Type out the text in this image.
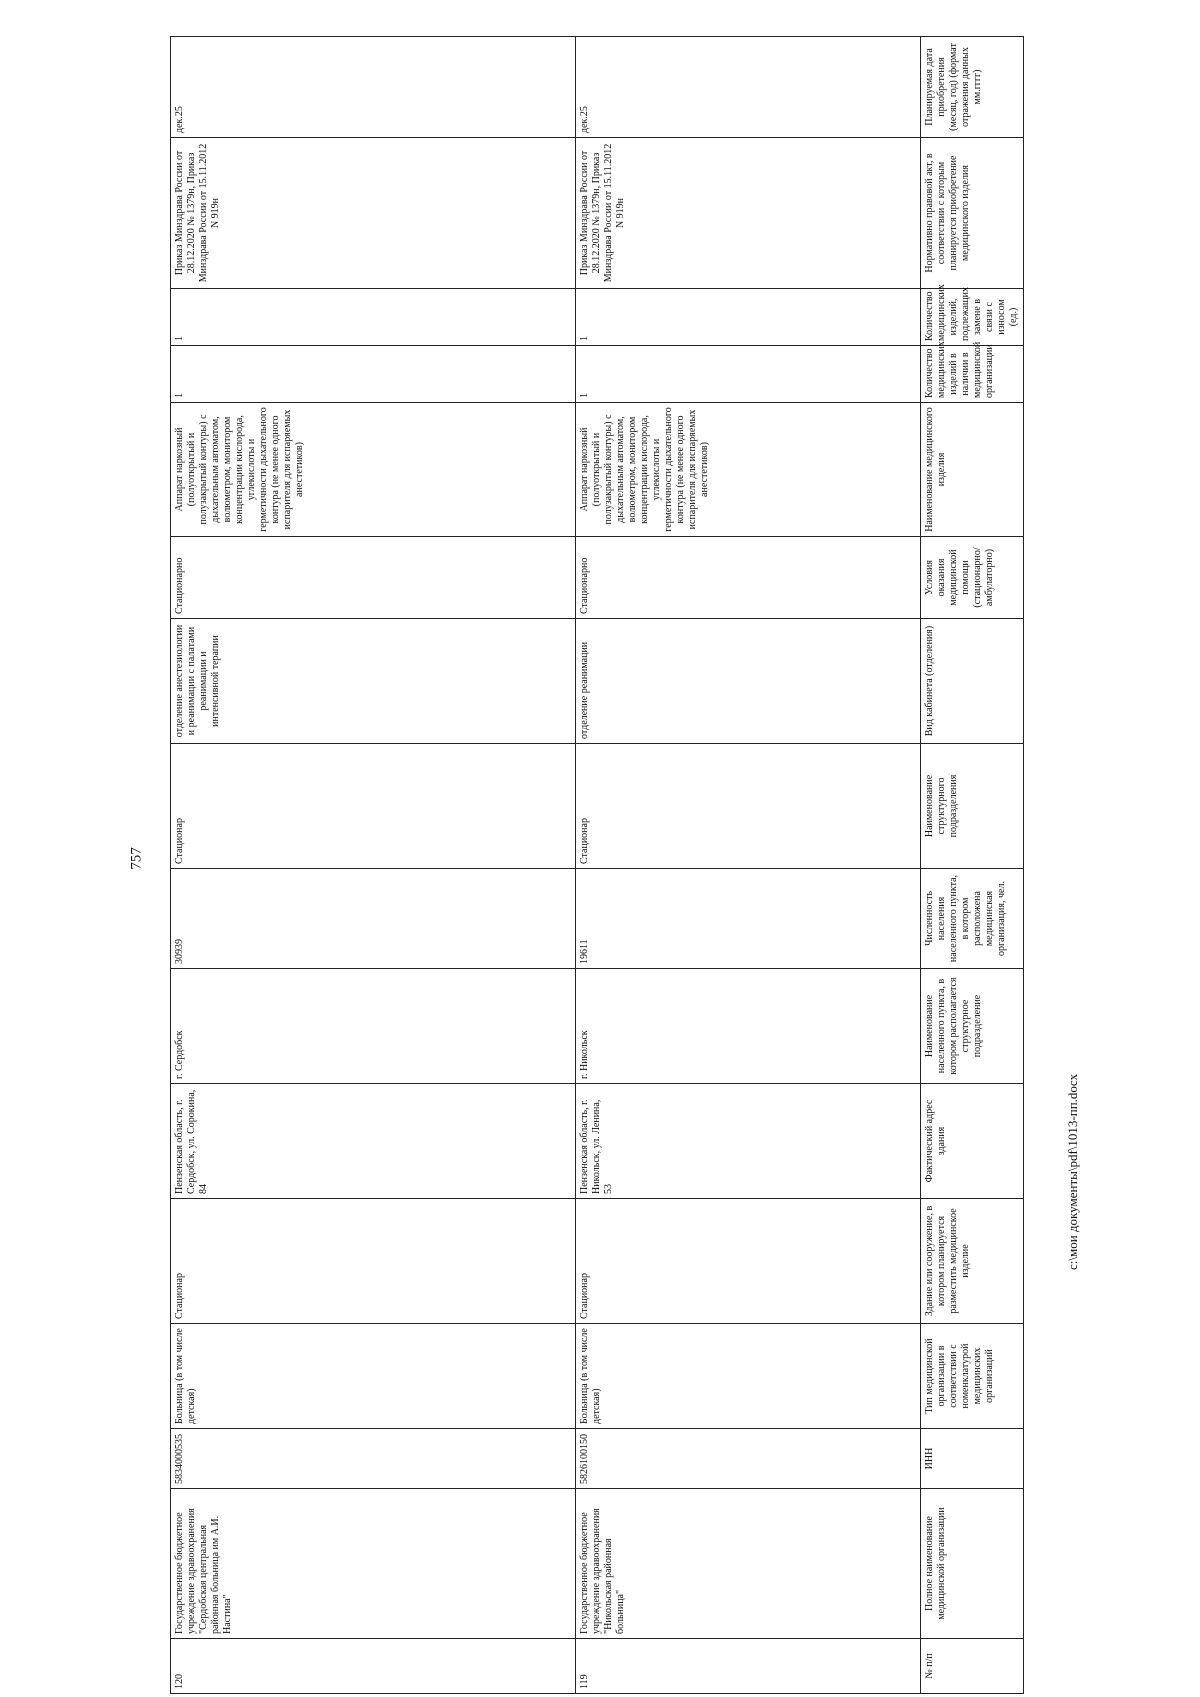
757
120	Государственное бюджетное учреждение здравоохранения "Сердобская центральная районная больница им А.И. Настина"	5834000535	Больница (в том числе детская)	Стационар	Пензенская область, г. Сердобск, ул. Сорокина, 84	г. Сердобск	30939	Стационар	отделение анестезиологии и реанимации с палатами реанимации и интенсивной терапии	Стационарно	Аппарат наркозный (полуоткрытый и полузакрытый контуры) с дыхательным автоматом, волюметром, монитором концентрации кислорода, углекислоты и герметичности дыхательного контура (не менее одного испарителя для испаряемых анестетиков)	1	1	Приказ Минздрава России от 28.12.2020 № 1379н, Приказ Минздрава России от 15.11.2012 N 919н	дек.25
119	Государственное бюджетное учреждение здравоохранения "Никольская районная больница"	5826100150	Больница (в том числе детская)	Стационар	Пензенская область, г. Никольск, ул. Ленина, 53	г. Никольск	19611	Стационар	отделение реанимации	Стационарно	Аппарат наркозный (полуоткрытый и полузакрытый контуры) с дыхательным автоматом, волюметром, монитором концентрации кислорода, углекислоты и герметичности дыхательного контура (не менее одного испарителя для испаряемых анестетиков)	1	1	Приказ Минздрава России от 28.12.2020 № 1379н, Приказ Минздрава России от 15.11.2012 N 919н	дек.25
№ п/п	Полное наименование медицинской организации	ИНН	Тип медицинской организации в соответствии с номенклатурой медицинских организаций	Здание или сооружение, в котором планируется разместить медицинское изделие	Фактический адрес здания	Наименование населенного пункта, в котором располагается структурное подразделение	Численность населения населенного пункта, в котором расположена медицинская организация, чел.	Наименование структурного подразделения	Вид кабинета (отделения)	Условия оказания медицинской помощи (стационарно/амбулаторно)	Наименование медицинского изделия	Количество медицинских изделий в наличии в медицинской организации	Количество медицинских изделий, подлежащих замене в связи с износом (ед.)	Нормативно правовой акт, в соответствии с которым планируется приобретение медицинского изделия	Планируемая дата приобретения (месяц, год) (формат отражения данных мм.гггг)
c:\мои документы\pdf\1013-пп.docx
